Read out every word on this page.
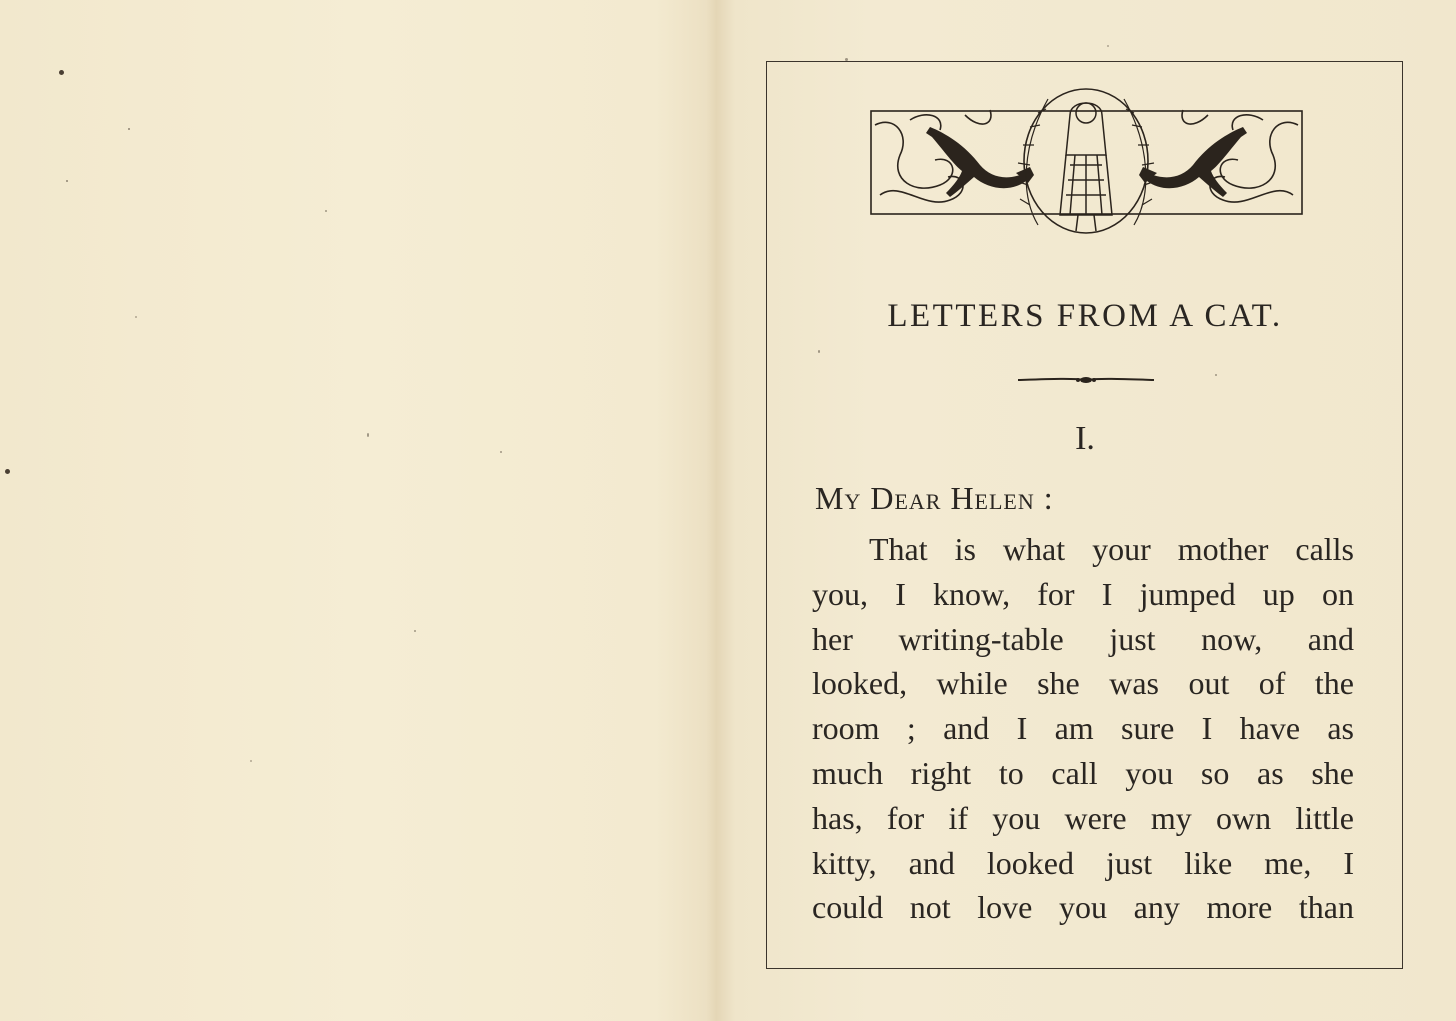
LETTERS FROM A CAT.
I.
My Dear Helen :
That is what your mother calls
you, I know, for I jumped up on
her writing-table just now, and
looked, while she was out of the
room ; and I am sure I have as
much right to call you so as she
has, for if you were my own little
kitty, and looked just like me, I
could not love you any more than
